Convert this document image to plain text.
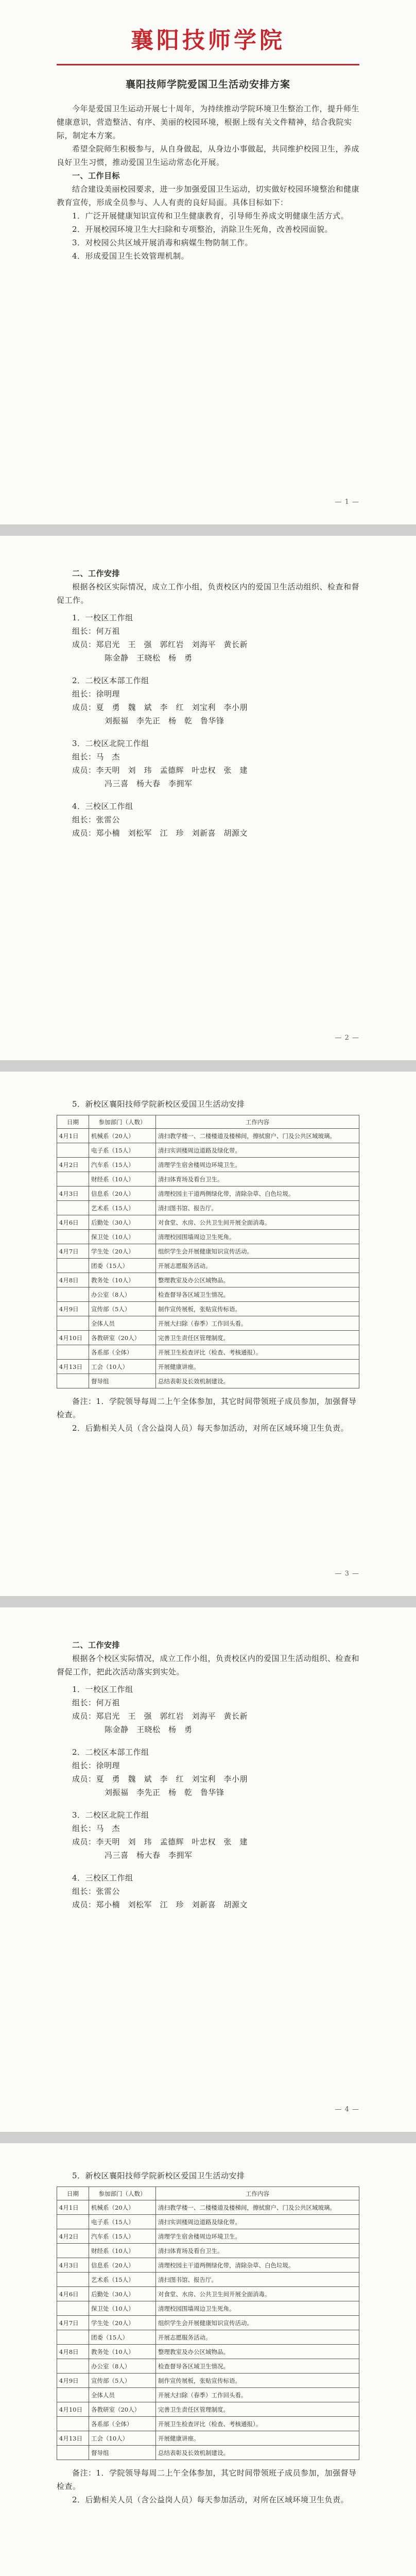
襄阳技师学院
襄阳技师学院爱国卫生活动安排方案

今年是爱国卫生运动开展七十周年，为持续推动学院环境卫生整治工作，提升师生健康意识，营造整洁、有序、美丽的校园环境，根据上级有关文件精神，结合我院实际，制定本方案。

希望全院师生积极参与，从自身做起，从身边小事做起，共同维护校园卫生，养成良好卫生习惯，推动爱国卫生运动常态化开展。

一、工作目标

结合建设美丽校园要求，进一步加强爱国卫生运动，切实做好校园环境整治和健康教育宣传，形成全员参与、人人有责的良好局面。具体目标如下：

1．广泛开展健康知识宣传和卫生健康教育，引导师生养成文明健康生活方式。

2．开展校园环境卫生大扫除和专项整治，消除卫生死角，改善校园面貌。

3．对校园公共区域开展消毒和病媒生物防制工作。

4．形成爱国卫生长效管理机制。

— 1 —
二、工作安排

根据各校区实际情况，成立工作小组，负责校区内的爱国卫生活动组织、检查和督促工作。

1．一校区工作组

组长：何万祖

成员：郑启光　王　强　郭红岩　刘海平　黄长新

陈金静　王晓松　杨　勇

2．二校区本部工作组

组长：徐明理

成员：夏　勇　魏　斌　李　红　刘宝利　李小朋

刘振福　李先正　杨　乾　鲁华锋

3．二校区北院工作组

组长：马　杰

成员：李天明　刘　玮　孟德辉　叶忠权　张　建

冯三喜　杨大春　李拥军

4．三校区工作组

组长：张雷公

成员：郑小楠　刘松军　江　珍　刘新喜　胡源文

— 2 —

5．新校区襄阳技师学院新校区爱国卫生活动安排

日期	参加部门（人数）	工作内容
4月1日	机械系（20人）	清扫教学楼一、二楼楼道及楼梯间，擦拭窗户、门及公共区域玻璃。
	电子系（15人）	清扫实训楼周边道路及绿化带。
4月2日	汽车系（15人）	清理学生宿舍楼周边环境卫生。
	财经系（10人）	清扫体育场及看台卫生。
4月3日	信息系（20人）	清理校园主干道两侧绿化带，清除杂草、白色垃圾。
	艺术系（15人）	清扫图书馆、报告厅。
4月6日	后勤处（30人）	对食堂、水房、公共卫生间开展全面消毒。
	保卫处（10人）	清理校园围墙周边卫生死角。
4月7日	学生处（20人）	组织学生会开展健康知识宣传活动。
	团委（15人）	开展志愿服务活动。
4月8日	教务处（10人）	整理教室及办公区域物品。
	办公室（8人）	检查督导各区域卫生情况。
4月9日	宣传部（5人）	制作宣传展板，张贴宣传标语。
	全体人员	开展大扫除（春季）工作回头看。
4月10日	各教研室（20人）	完善卫生责任区管理制度。
	各系部（全体）	开展卫生检查评比（检查、考核通报）。
4月13日	工会（10人）	开展健康讲座。
	督导组	总结表彰及长效机制建设。

备注：1．学院领导每周二上午全体参加，其它时间带领班子成员参加，加强督导检查。

2．后勤相关人员（含公益岗人员）每天参加活动，对所在区域环境卫生负责。

— 3 —
二、工作安排

根据各个校区实际情况，成立工作小组，负责校区内的爱国卫生活动组织、检查和督促工作，把此次活动落实到实处。

1．一校区工作组

组长：何万祖

成员：郑启光　王　强　郭红岩　刘海平　黄长新

陈金静　王晓松　杨　勇

2．二校区本部工作组

组长：徐明理

成员：夏　勇　魏　斌　李　红　刘宝利　李小朋

刘振福　李先正　杨　乾　鲁华锋

3．二校区北院工作组

组长：马　杰

成员：李天明　刘　玮　孟德辉　叶忠权　张　建

冯三喜　杨大春　李拥军

4．三校区工作组

组长：张雷公

成员：郑小楠　刘松军　江　珍　刘新喜　胡源文

— 4 —

5．新校区襄阳技师学院新校区爱国卫生活动安排

日期	参加部门（人数）	工作内容
4月1日	机械系（20人）	清扫教学楼一、二楼楼道及楼梯间，擦拭窗户、门及公共区域玻璃。
	电子系（15人）	清扫实训楼周边道路及绿化带。
4月2日	汽车系（15人）	清理学生宿舍楼周边环境卫生。
	财经系（10人）	清扫体育场及看台卫生。
4月3日	信息系（20人）	清理校园主干道两侧绿化带，清除杂草、白色垃圾。
	艺术系（15人）	清扫图书馆、报告厅。
4月6日	后勤处（30人）	对食堂、水房、公共卫生间开展全面消毒。
	保卫处（10人）	清理校园围墙周边卫生死角。
4月7日	学生处（20人）	组织学生会开展健康知识宣传活动。
	团委（15人）	开展志愿服务活动。
4月8日	教务处（10人）	整理教室及办公区域物品。
	办公室（8人）	检查督导各区域卫生情况。
4月9日	宣传部（5人）	制作宣传展板，张贴宣传标语。
	全体人员	开展大扫除（春季）工作回头看。
4月10日	各教研室（20人）	完善卫生责任区管理制度。
	各系部（全体）	开展卫生检查评比（检查、考核通报）。
4月13日	工会（10人）	开展健康讲座。
	督导组	总结表彰及长效机制建设。

备注：1．学院领导每周二上午全体参加，其它时间带领班子成员参加，加强督导检查。

2．后勤相关人员（含公益岗人员）每天参加活动，对所在区域环境卫生负责。
